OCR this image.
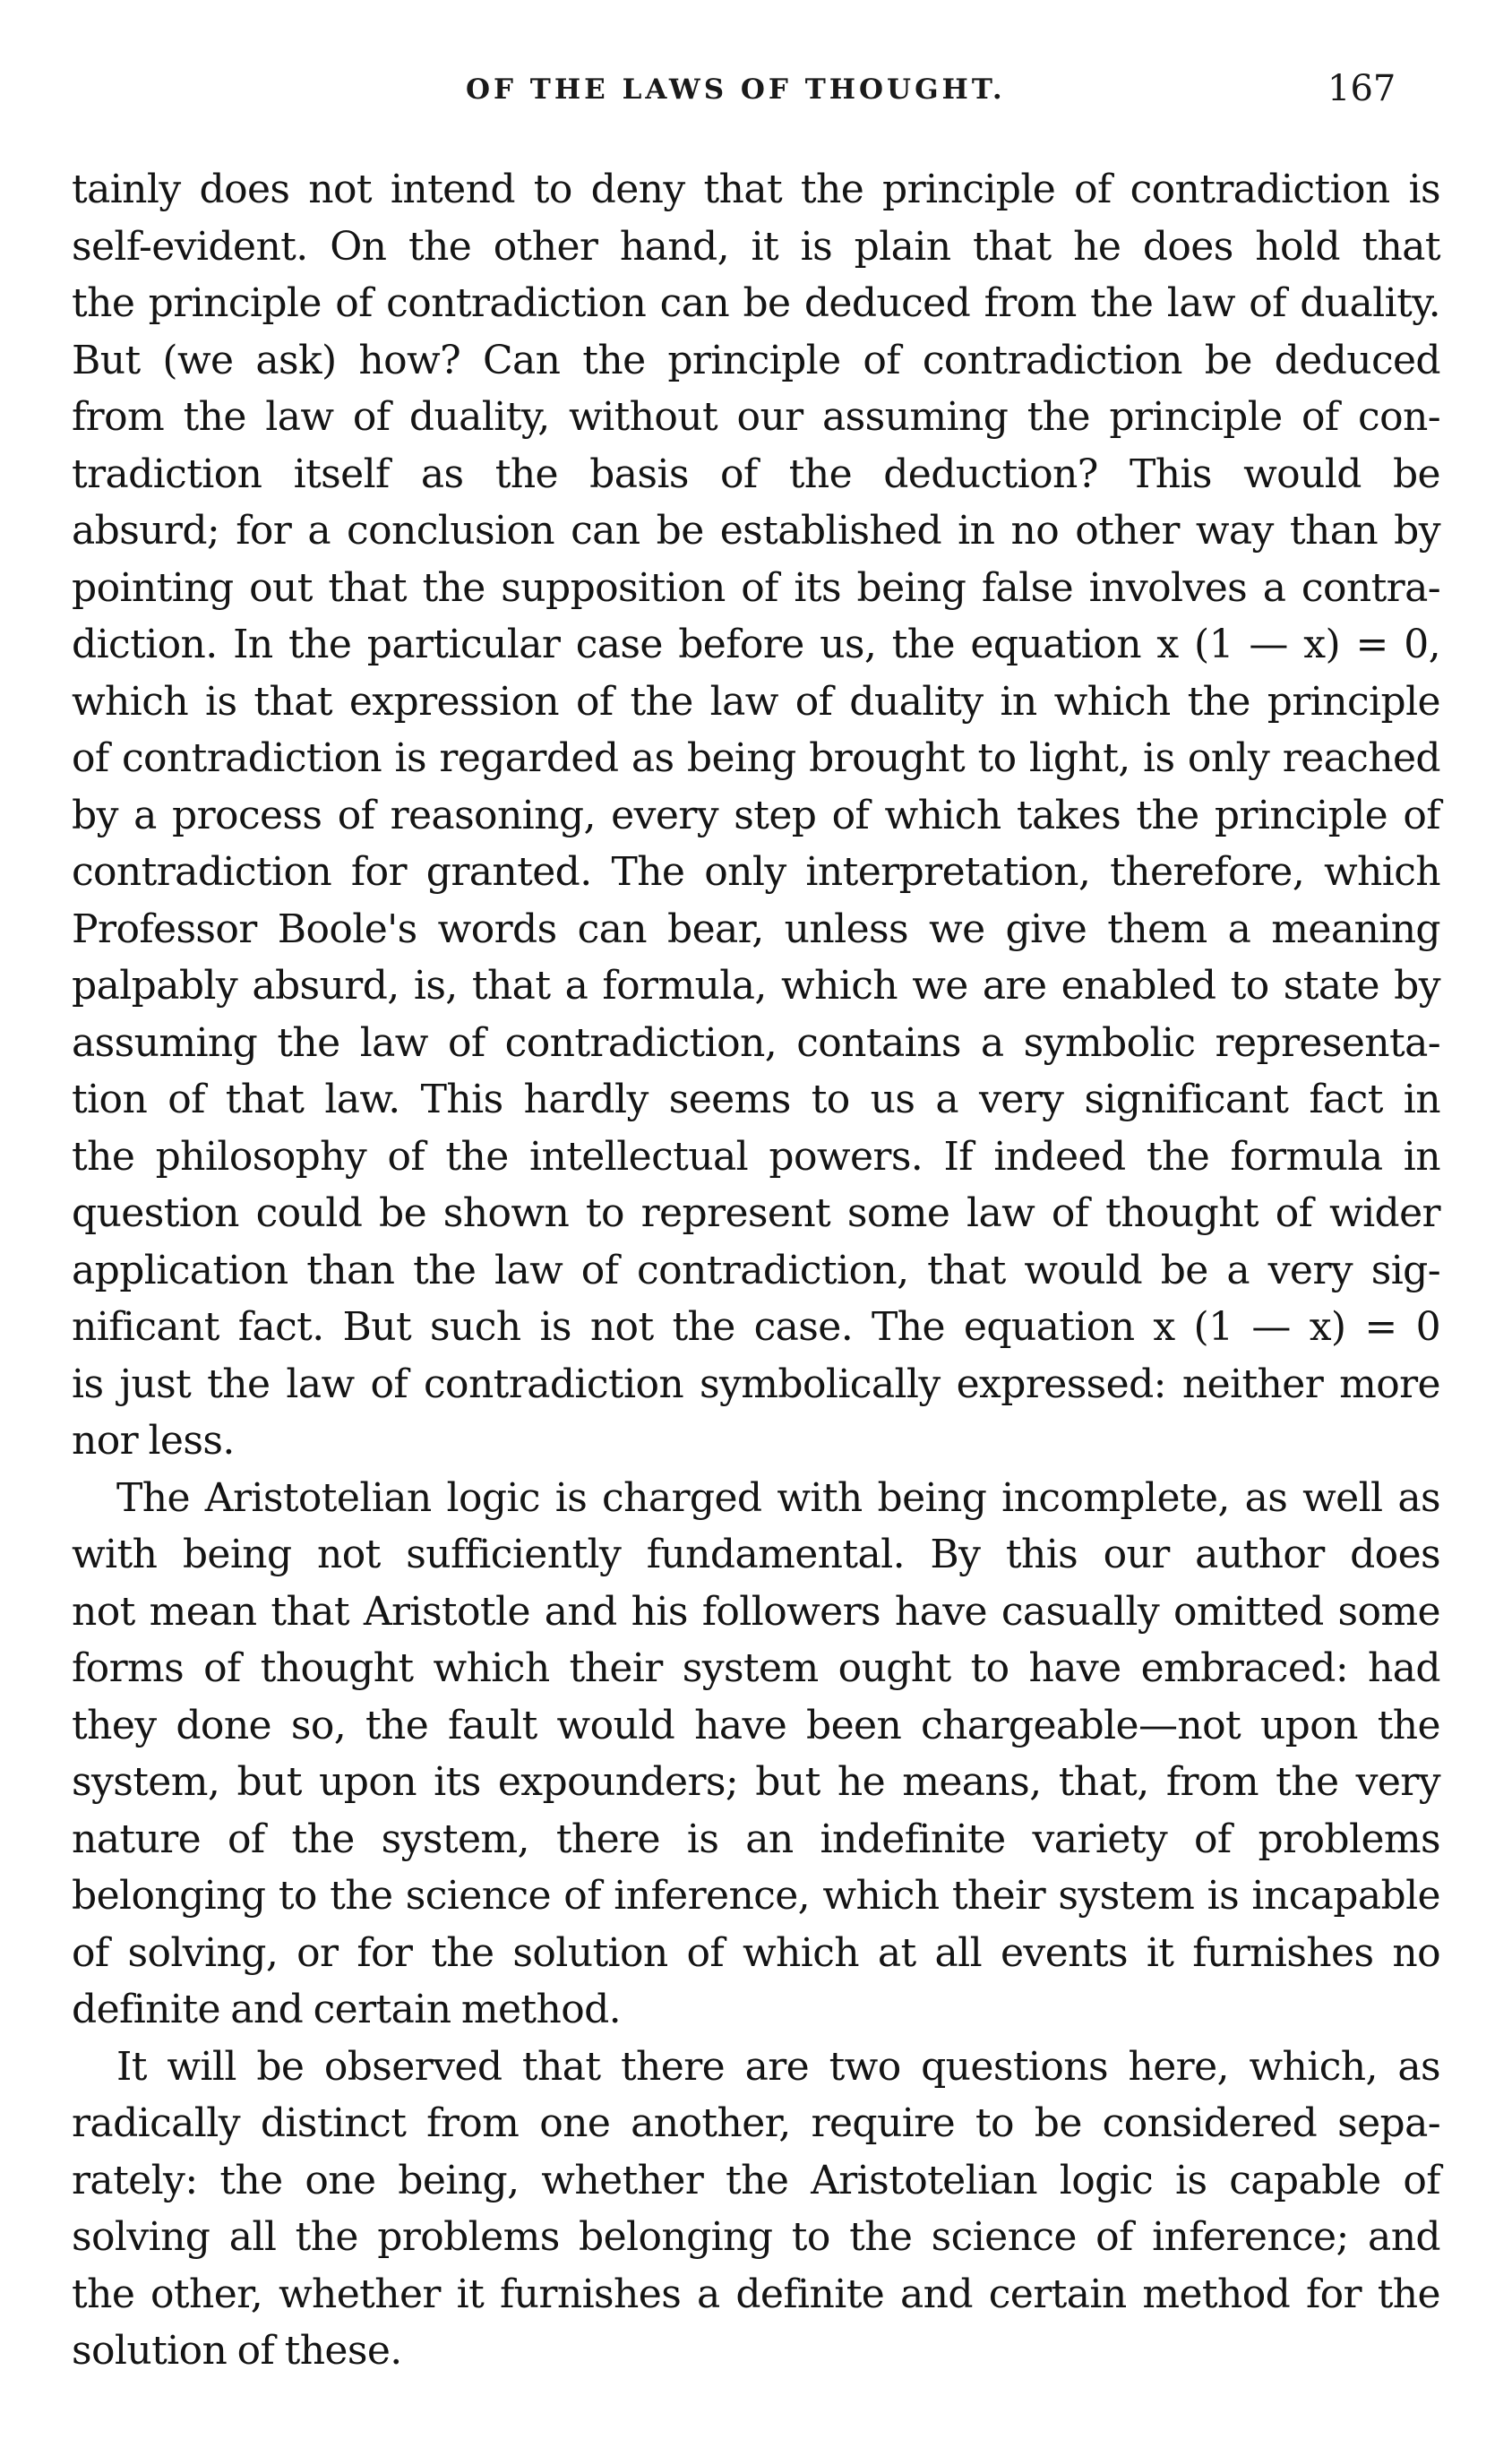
OF THE LAWS OF THOUGHT.	167
tainly does not intend to deny that the principle of contradiction is
self-evident. On the other hand, it is plain that he does hold that
the principle of contradiction can be deduced from the law of duality.
But (we ask) how? Can the principle of contradiction be deduced
from the law of duality, without our assuming the principle of con-
tradiction itself as the basis of the deduction? This would be
absurd; for a conclusion can be established in no other way than by
pointing out that the supposition of its being false involves a contra-
diction. In the particular case before us, the equation x (1 — x) = 0,
which is that expression of the law of duality in which the principle
of contradiction is regarded as being brought to light, is only reached
by a process of reasoning, every step of which takes the principle of
contradiction for granted. The only interpretation, therefore, which
Professor Boole's words can bear, unless we give them a meaning
palpably absurd, is, that a formula, which we are enabled to state by
assuming the law of contradiction, contains a symbolic representa-
tion of that law. This hardly seems to us a very significant fact in
the philosophy of the intellectual powers. If indeed the formula in
question could be shown to represent some law of thought of wider
application than the law of contradiction, that would be a very sig-
nificant fact. But such is not the case. The equation x (1 — x) = 0
is just the law of contradiction symbolically expressed: neither more
nor less.
The Aristotelian logic is charged with being incomplete, as well as
with being not sufficiently fundamental. By this our author does
not mean that Aristotle and his followers have casually omitted some
forms of thought which their system ought to have embraced: had
they done so, the fault would have been chargeable—not upon the
system, but upon its expounders; but he means, that, from the very
nature of the system, there is an indefinite variety of problems
belonging to the science of inference, which their system is incapable
of solving, or for the solution of which at all events it furnishes no
definite and certain method.
It will be observed that there are two questions here, which, as
radically distinct from one another, require to be considered sepa-
rately: the one being, whether the Aristotelian logic is capable of
solving all the problems belonging to the science of inference; and
the other, whether it furnishes a definite and certain method for the
solution of these.
